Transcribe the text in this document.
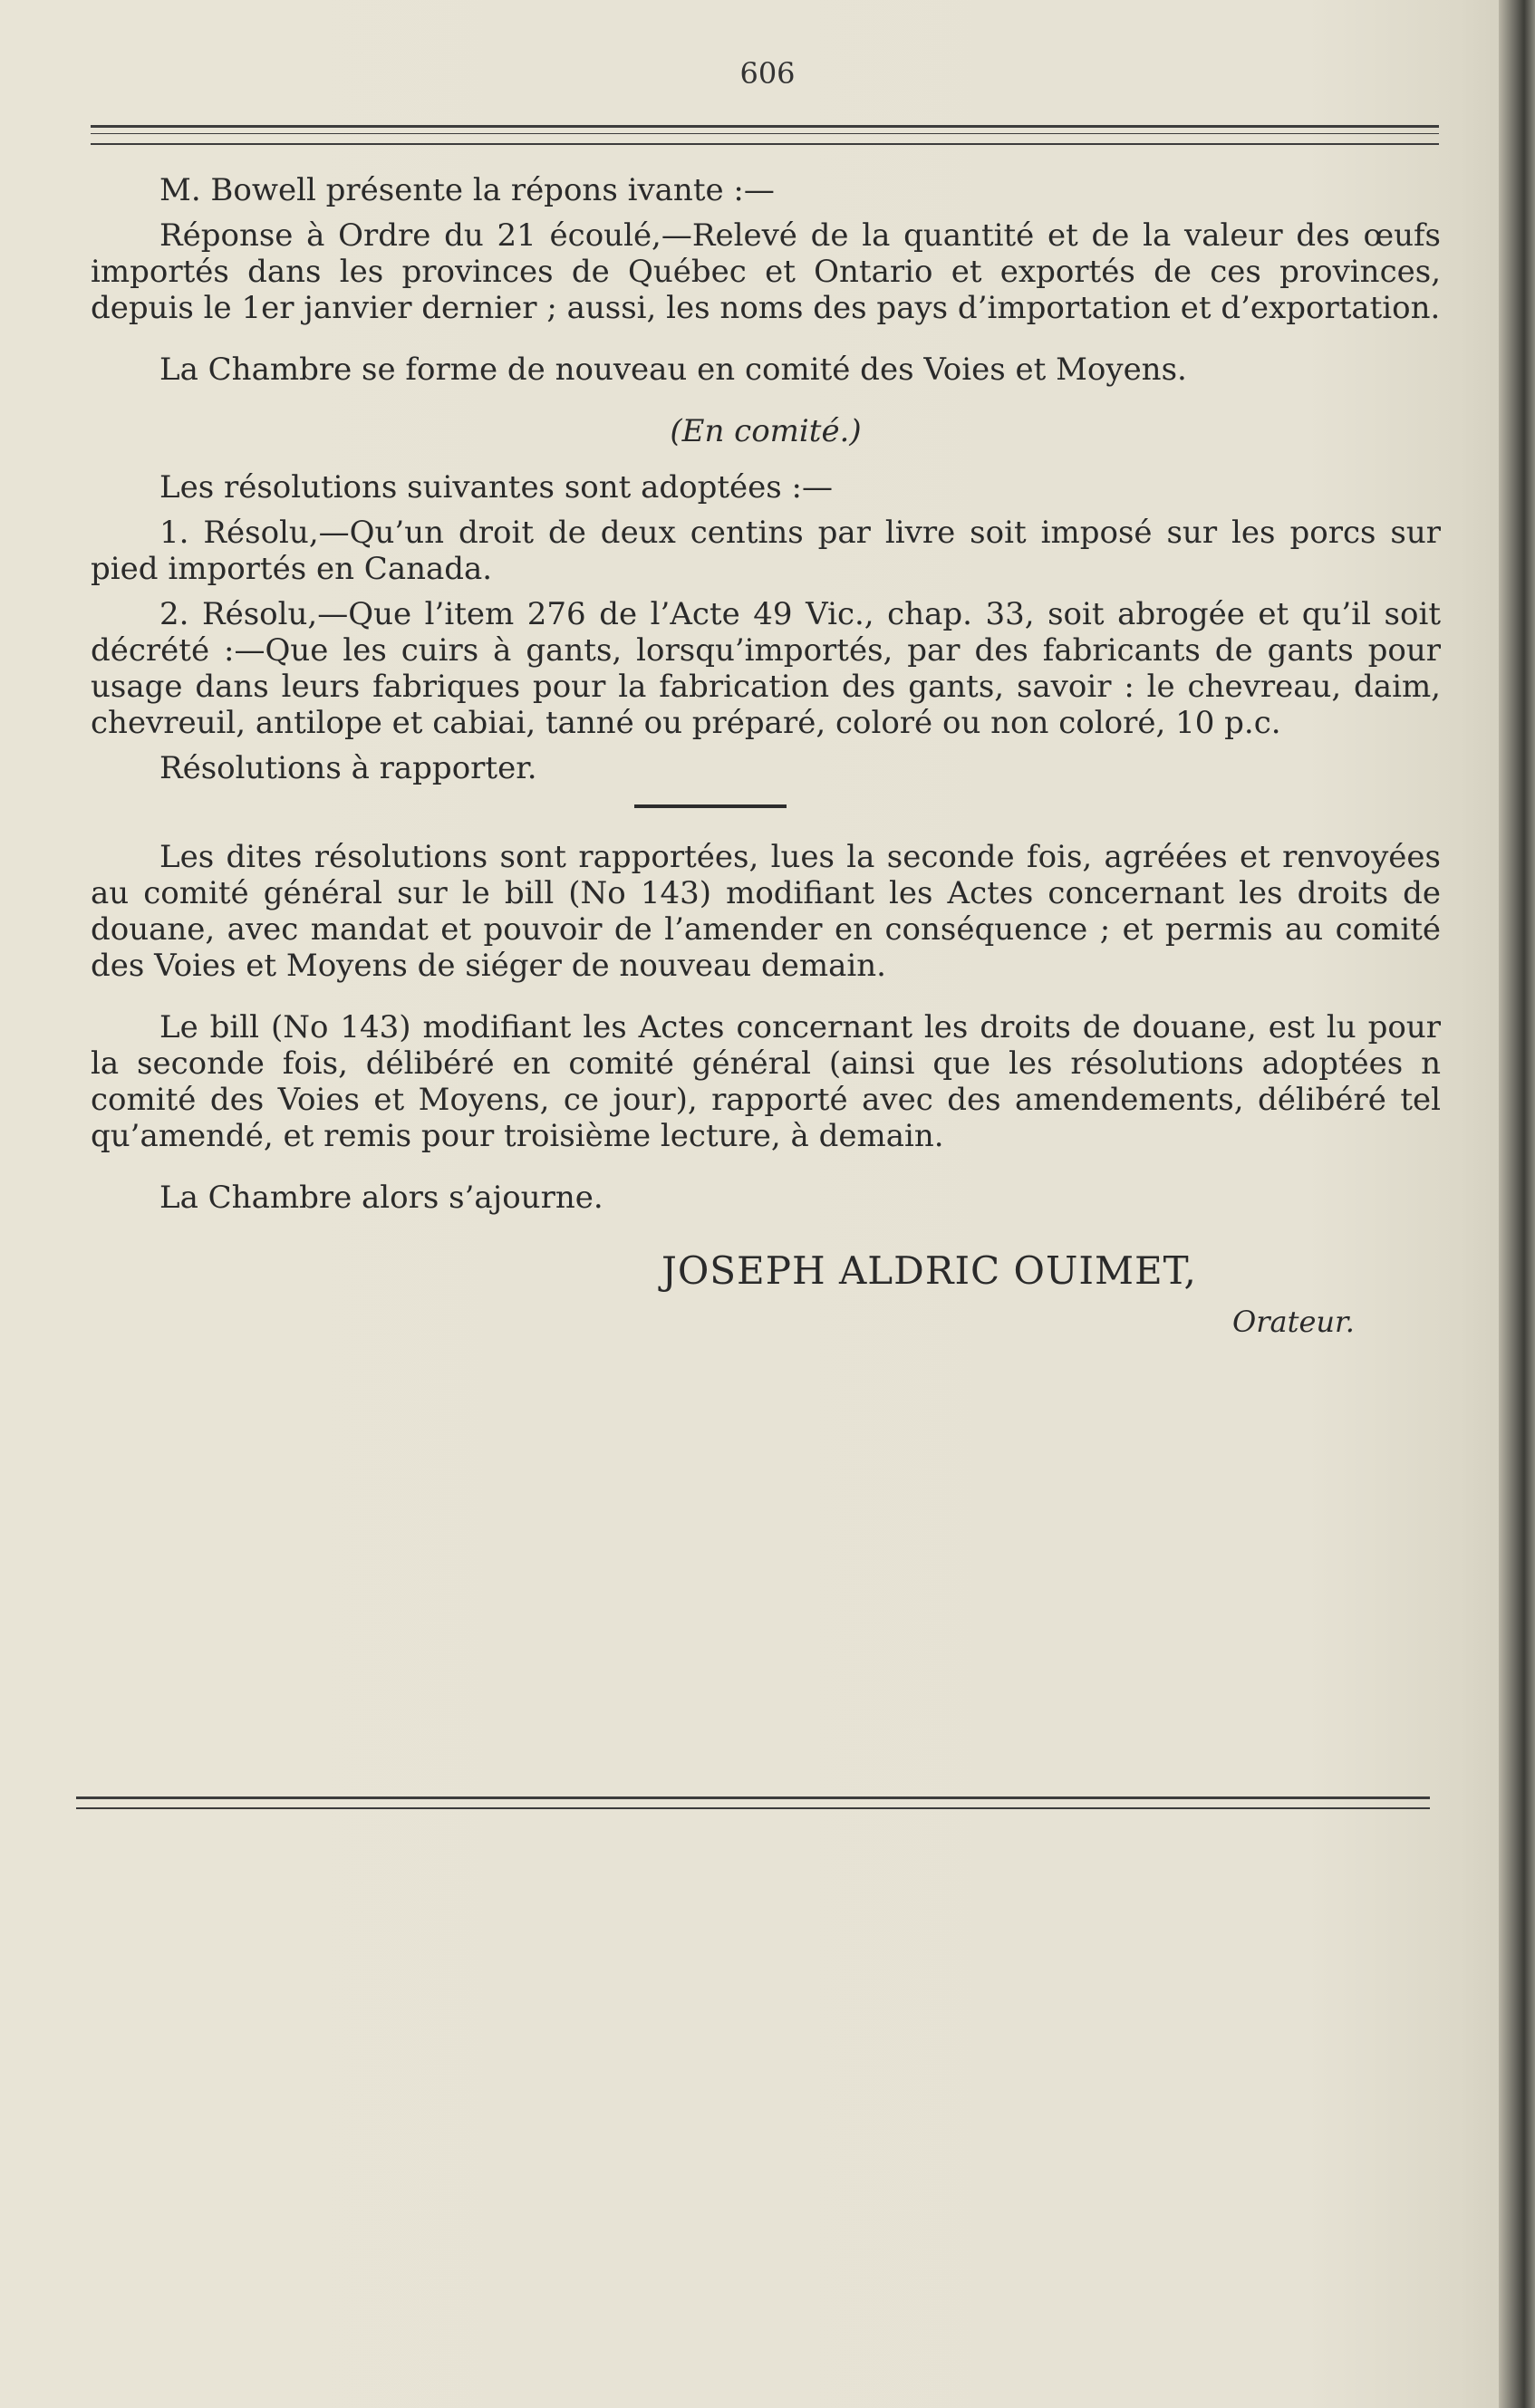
606

M. Bowell présente la répons ivante :—

Réponse à Ordre du 21 écoulé,—Relevé de la quantité et de la valeur des œufs importés dans les provinces de Québec et Ontario et exportés de ces provinces, depuis le 1er janvier dernier ; aussi, les noms des pays d’importation et d’exportation.

La Chambre se forme de nouveau en comité des Voies et Moyens.

(En comité.)

Les résolutions suivantes sont adoptées :—

1. Résolu,—Qu’un droit de deux centins par livre soit imposé sur les porcs sur pied importés en Canada.

2. Résolu,—Que l’item 276 de l’Acte 49 Vic., chap. 33, soit abrogée et qu’il soit décrété :—Que les cuirs à gants, lorsqu’importés, par des fabricants de gants pour usage dans leurs fabriques pour la fabrication des gants, savoir : le chevreau, daim, chevreuil, antilope et cabiai, tanné ou préparé, coloré ou non coloré, 10 p.c.

Résolutions à rapporter.

Les dites résolutions sont rapportées, lues la seconde fois, agréées et renvoyées au comité général sur le bill (No 143) modifiant les Actes concernant les droits de douane, avec mandat et pouvoir de l’amender en conséquence ; et permis au comité des Voies et Moyens de siéger de nouveau demain.

Le bill (No 143) modifiant les Actes concernant les droits de douane, est lu pour la seconde fois, délibéré en comité général (ainsi que les résolutions adoptées n comité des Voies et Moyens, ce jour), rapporté avec des amendements, délibéré tel qu’amendé, et remis pour troisième lecture, à demain.

La Chambre alors s’ajourne.

JOSEPH ALDRIC OUIMET,
Orateur.
